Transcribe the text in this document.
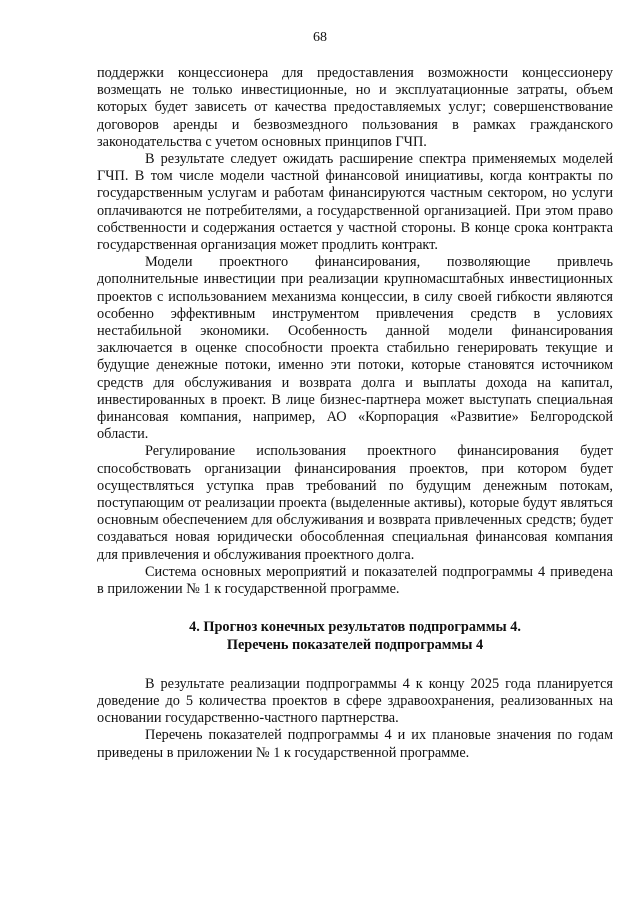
68

поддержки концессионера для предоставления возможности концессионеру возмещать не только инвестиционные, но и эксплуатационные затраты, объем которых будет зависеть от качества предоставляемых услуг; совершенствование договоров аренды и безвозмездного пользования в рамках гражданского законодательства с учетом основных принципов ГЧП.

В результате следует ожидать расширение спектра применяемых моделей ГЧП. В том числе модели частной финансовой инициативы, когда контракты по государственным услугам и работам финансируются частным сектором, но услуги оплачиваются не потребителями, а государственной организацией. При этом право собственности и содержания остается у частной стороны. В конце срока контракта государственная организация может продлить контракт.

Модели проектного финансирования, позволяющие привлечь дополнительные инвестиции при реализации крупномасштабных инвестиционных проектов с использованием механизма концессии, в силу своей гибкости являются особенно эффективным инструментом привлечения средств в условиях нестабильной экономики. Особенность данной модели финансирования заключается в оценке способности проекта стабильно генерировать текущие и будущие денежные потоки, именно эти потоки, которые становятся источником средств для обслуживания и возврата долга и выплаты дохода на капитал, инвестированных в проект. В лице бизнес-партнера может выступать специальная финансовая компания, например, АО «Корпорация «Развитие» Белгородской области.

Регулирование использования проектного финансирования будет способствовать организации финансирования проектов, при котором будет осуществляться уступка прав требований по будущим денежным потокам, поступающим от реализации проекта (выделенные активы), которые будут являться основным обеспечением для обслуживания и возврата привлеченных средств; будет создаваться новая юридически обособленная специальная финансовая компания для привлечения и обслуживания проектного долга.

Система основных мероприятий и показателей подпрограммы 4 приведена в приложении № 1 к государственной программе.

4. Прогноз конечных результатов подпрограммы 4.
Перечень показателей подпрограммы 4

В результате реализации подпрограммы 4 к концу 2025 года планируется доведение до 5 количества проектов в сфере здравоохранения, реализованных на основании государственно-частного партнерства.

Перечень показателей подпрограммы 4 и их плановые значения по годам приведены в приложении № 1 к государственной программе.
